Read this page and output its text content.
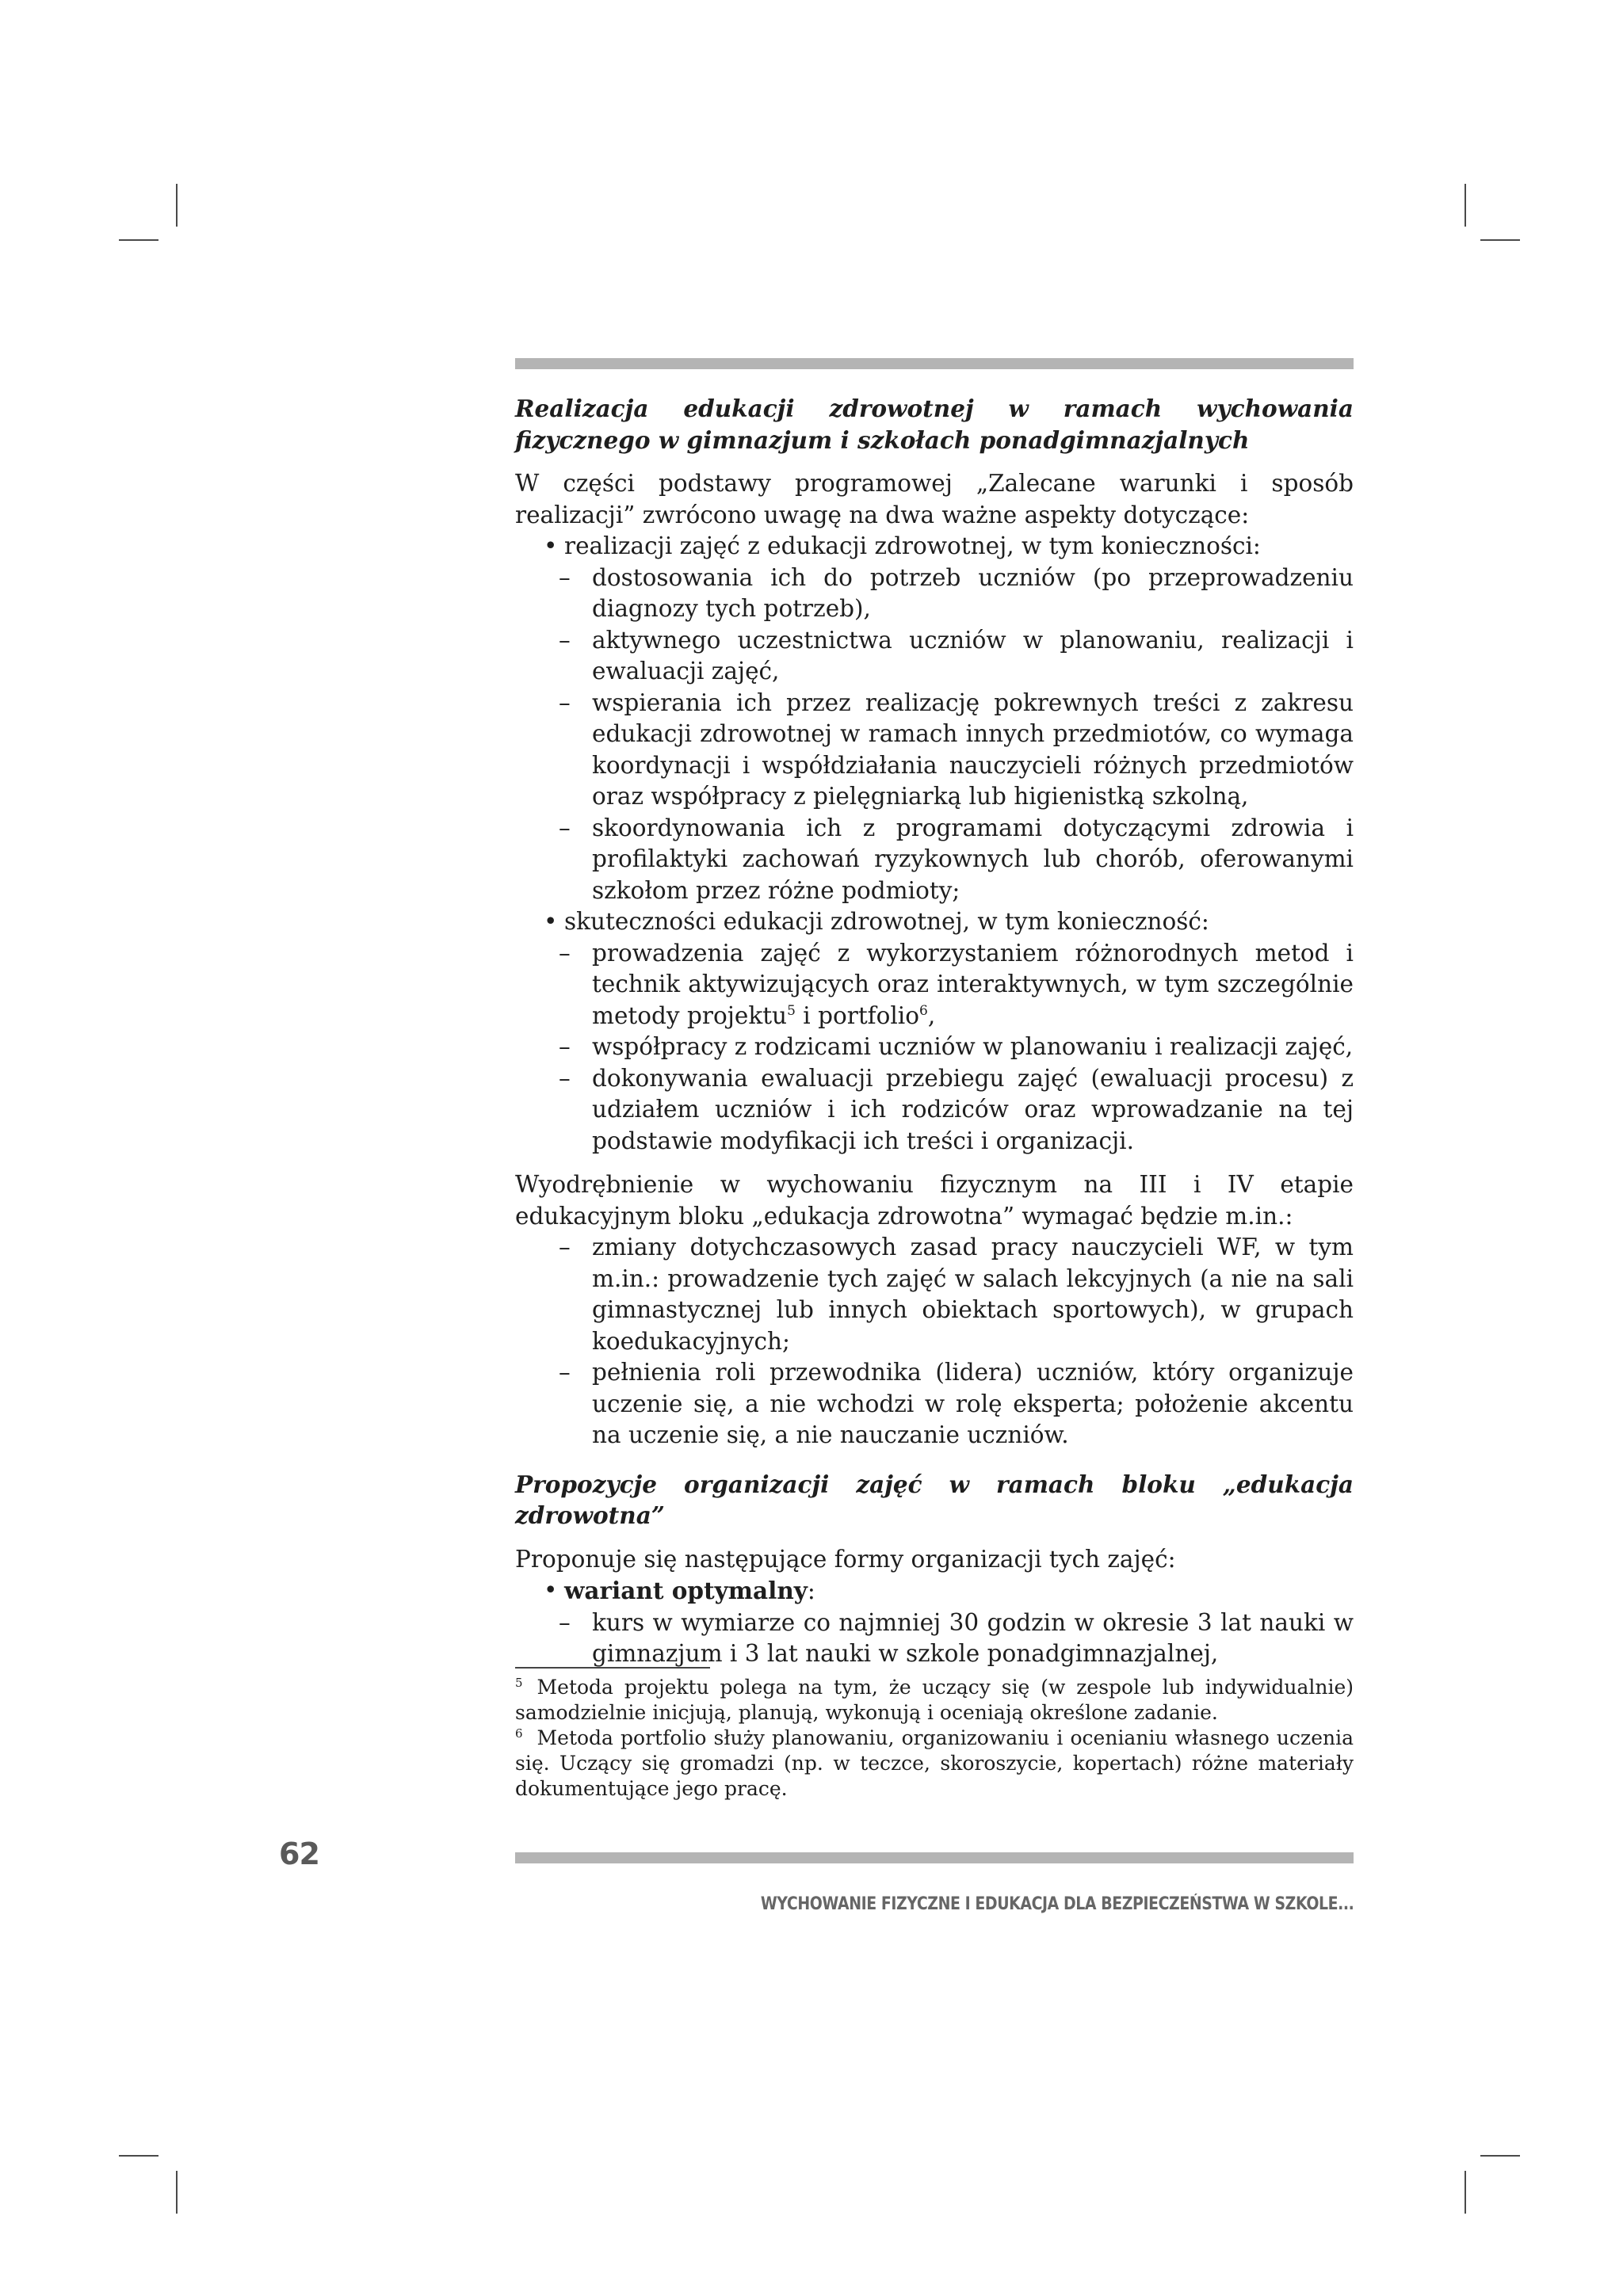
Realizacja edukacji zdrowotnej w ramach wychowania fizycznego w gimnazjum i szkołach ponadgimnazjalnych

W części podstawy programowej „Zalecane warunki i sposób realizacji” zwrócono uwagę na dwa ważne aspekty dotyczące:

• realizacji zajęć z edukacji zdrowotnej, w tym konieczności:
– dostosowania ich do potrzeb uczniów (po przeprowadzeniu diagnozy tych potrzeb),
– aktywnego uczestnictwa uczniów w planowaniu, realizacji i ewaluacji zajęć,
– wspierania ich przez realizację pokrewnych treści z zakresu edukacji zdrowotnej w ramach innych przedmiotów, co wymaga koordynacji i współdziałania nauczycieli różnych przedmiotów oraz współpracy z pielęgniarką lub higienistką szkolną,
– skoordynowania ich z programami dotyczącymi zdrowia i profilaktyki zachowań ryzykownych lub chorób, oferowanymi szkołom przez różne podmioty;
• skuteczności edukacji zdrowotnej, w tym konieczność:
– prowadzenia zajęć z wykorzystaniem różnorodnych metod i technik aktywizujących oraz interaktywnych, w tym szczególnie metody projektu$^5$ i portfolio$^6$,
– współpracy z rodzicami uczniów w planowaniu i realizacji zajęć,
– dokonywania ewaluacji przebiegu zajęć (ewaluacji procesu) z udziałem uczniów i ich rodziców oraz wprowadzanie na tej podstawie modyfikacji ich treści i organizacji.

Wyodrębnienie w wychowaniu fizycznym na III i IV etapie edukacyjnym bloku „edukacja zdrowotna” wymagać będzie m.in.:

– zmiany dotychczasowych zasad pracy nauczycieli WF, w tym m.in.: prowadzenie tych zajęć w salach lekcyjnych (a nie na sali gimnastycznej lub innych obiektach sportowych), w grupach koedukacyjnych;
– pełnienia roli przewodnika (lidera) uczniów, który organizuje uczenie się, a nie wchodzi w rolę eksperta; położenie akcentu na uczenie się, a nie nauczanie uczniów.

Propozycje organizacji zajęć w ramach bloku „edukacja zdrowotna”

Proponuje się następujące formy organizacji tych zajęć:

• wariant optymalny:
– kurs w wymiarze co najmniej 30 godzin w okresie 3 lat nauki w gimnazjum i 3 lat nauki w szkole ponadgimnazjalnej,

$^5$ Metoda projektu polega na tym, że uczący się (w zespole lub indywidualnie) samodzielnie inicjują, planują, wykonują i oceniają określone zadanie.

$^6$ Metoda portfolio służy planowaniu, organizowaniu i ocenianiu własnego uczenia się. Uczący się gromadzi (np. w teczce, skoroszycie, kopertach) różne materiały dokumentujące jego pracę.

62
WYCHOWANIE FIZYCZNE I EDUKACJA DLA BEZPIECZEŃSTWA W SZKOLE...
